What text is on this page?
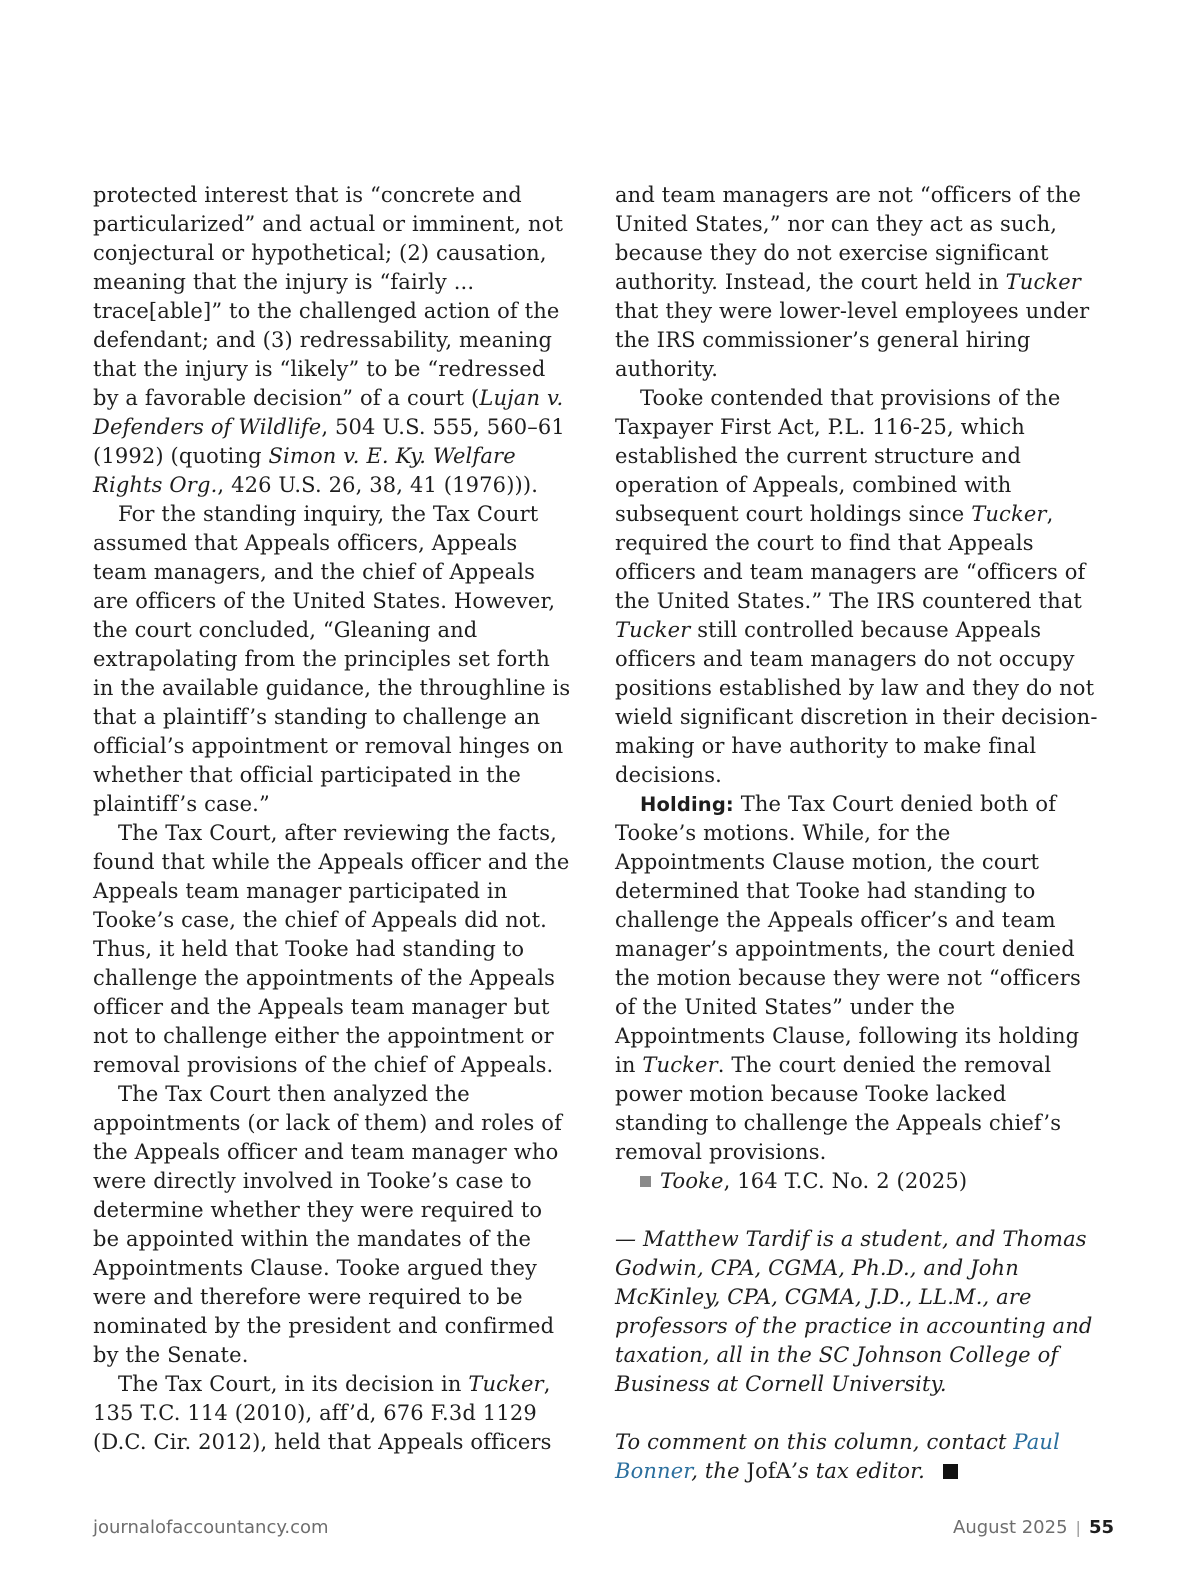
protected interest that is “concrete and particularized” and actual or imminent, not conjectural or hypothetical; (2) causation, meaning that the injury is “fairly ... trace[able]” to the challenged action of the defendant; and (3) redressability, meaning that the injury is “likely” to be “redressed by a favorable decision” of a court (Lujan v. Defenders of Wildlife, 504 U.S. 555, 560–61 (1992) (quoting Simon v. E. Ky. Welfare Rights Org., 426 U.S. 26, 38, 41 (1976))).

For the standing inquiry, the Tax Court assumed that Appeals officers, Appeals team managers, and the chief of Appeals are officers of the United States. However, the court concluded, “Gleaning and extrapolating from the principles set forth in the available guidance, the throughline is that a plaintiff’s standing to challenge an official’s appointment or removal hinges on whether that official participated in the plaintiff’s case.”

The Tax Court, after reviewing the facts, found that while the Appeals officer and the Appeals team manager participated in Tooke’s case, the chief of Appeals did not. Thus, it held that Tooke had standing to challenge the appointments of the Appeals officer and the Appeals team manager but not to challenge either the appointment or removal provisions of the chief of Appeals.

The Tax Court then analyzed the appointments (or lack of them) and roles of the Appeals officer and team manager who were directly involved in Tooke’s case to determine whether they were required to be appointed within the mandates of the Appointments Clause. Tooke argued they were and therefore were required to be nominated by the president and confirmed by the Senate.

The Tax Court, in its decision in Tucker, 135 T.C. 114 (2010), aff’d, 676 F.3d 1129 (D.C. Cir. 2012), held that Appeals officers

and team managers are not “officers of the United States,” nor can they act as such, because they do not exercise significant authority. Instead, the court held in Tucker that they were lower-level employees under the IRS commissioner’s general hiring authority.

Tooke contended that provisions of the Taxpayer First Act, P.L. 116-25, which established the current structure and operation of Appeals, combined with subsequent court holdings since Tucker, required the court to find that Appeals officers and team managers are “officers of the United States.” The IRS countered that Tucker still controlled because Appeals officers and team managers do not occupy positions established by law and they do not wield significant discretion in their decision-making or have authority to make final decisions.

Holding: The Tax Court denied both of Tooke’s motions. While, for the Appointments Clause motion, the court determined that Tooke had standing to challenge the Appeals officer’s and team manager’s appointments, the court denied the motion because they were not “officers of the United States” under the Appointments Clause, following its holding in Tucker. The court denied the removal power motion because Tooke lacked standing to challenge the Appeals chief’s removal provisions.

Tooke, 164 T.C. No. 2 (2025)

— Matthew Tardif is a student, and Thomas Godwin, CPA, CGMA, Ph.D., and John McKinley, CPA, CGMA, J.D., LL.M., are professors of the practice in accounting and taxation, all in the SC Johnson College of Business at Cornell University.

To comment on this column, contact Paul Bonner, the JofA’s tax editor.

journalofaccountancy.com	August 2025 | 55
